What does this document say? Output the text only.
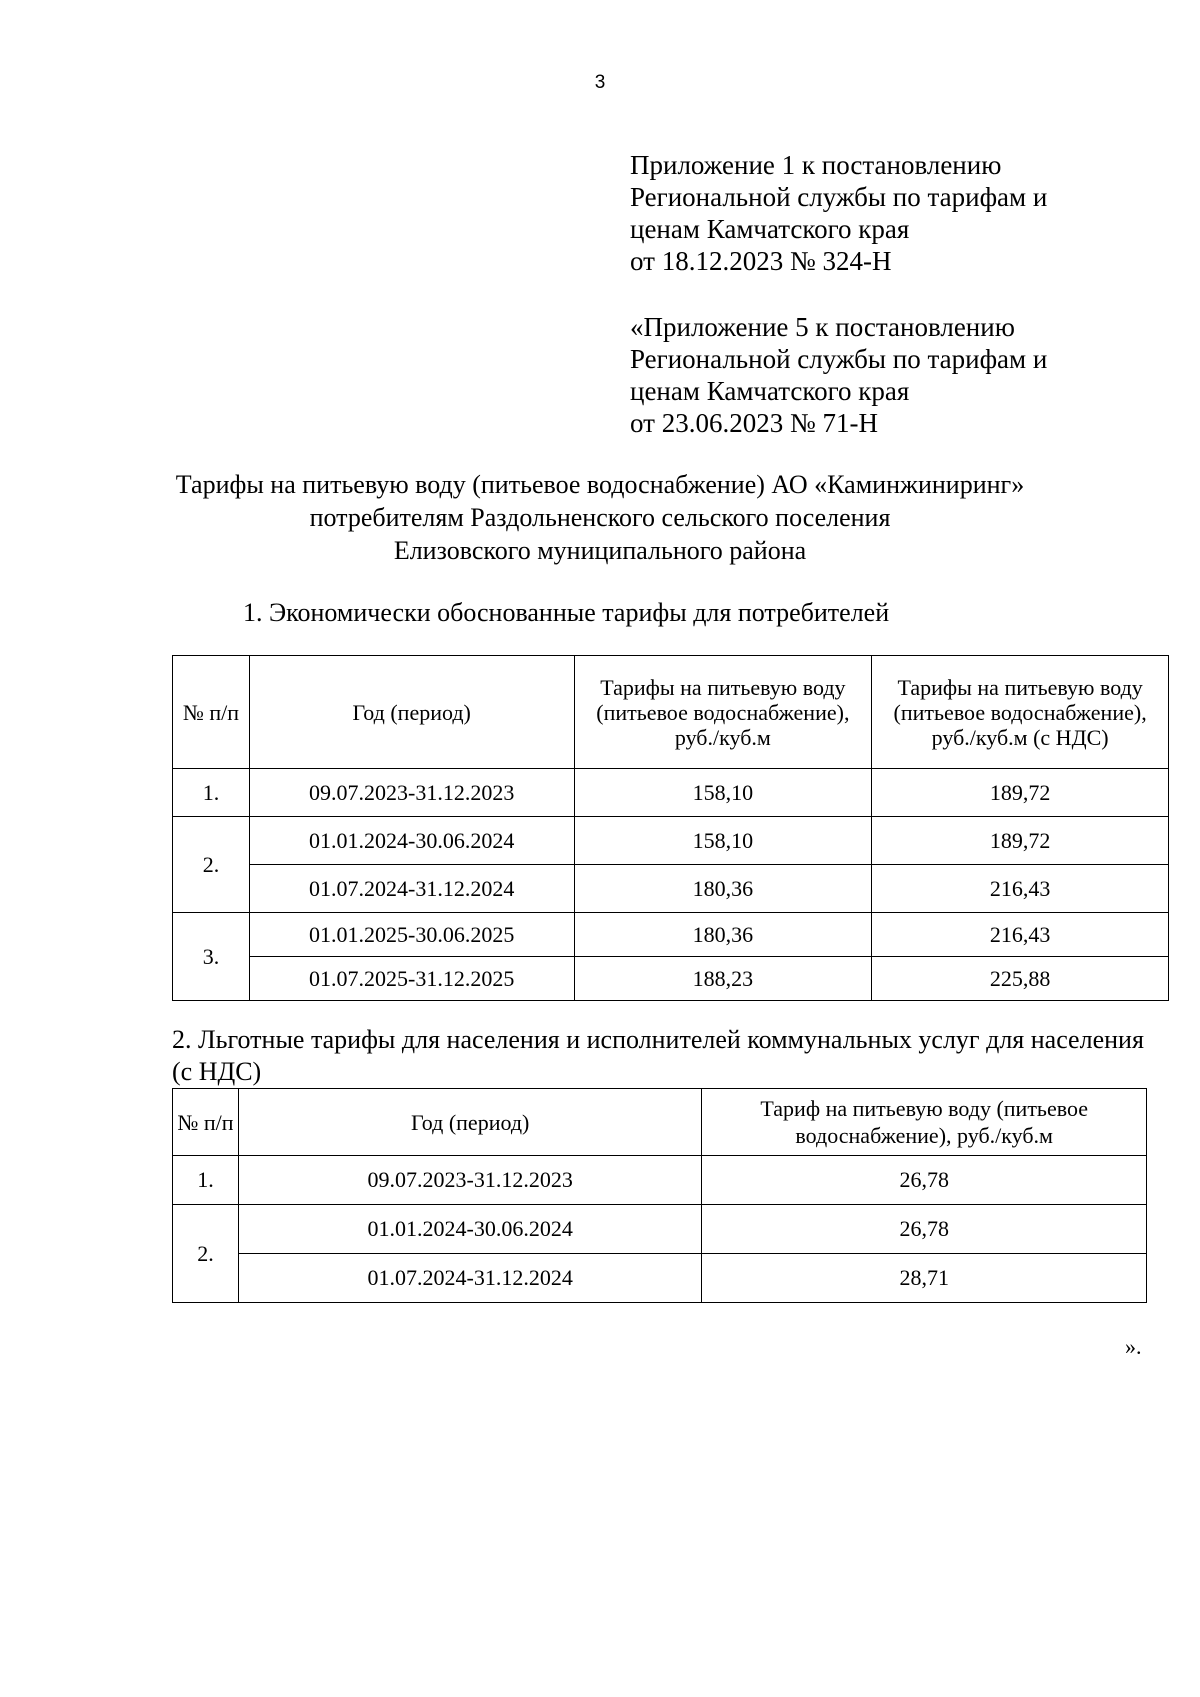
3
Приложение 1 к постановлению
Региональной службы по тарифам и
ценам Камчатского края
от 18.12.2023 № 324-Н
«Приложение 5 к постановлению
Региональной службы по тарифам и
ценам Камчатского края
от 23.06.2023 № 71-Н
Тарифы на питьевую воду (питьевое водоснабжение) АО «Каминжиниринг»
потребителям Раздольненского сельского поселения
Елизовского муниципального района
1. Экономически обоснованные тарифы для потребителей
№ п/п	Год (период)	Тарифы на питьевую воду (питьевое водоснабжение), руб./куб.м	Тарифы на питьевую воду (питьевое водоснабжение), руб./куб.м (с НДС)
1.	09.07.2023-31.12.2023	158,10	189,72
2.	01.01.2024-30.06.2024	158,10	189,72
	01.07.2024-31.12.2024	180,36	216,43
3.	01.01.2025-30.06.2025	180,36	216,43
	01.07.2025-31.12.2025	188,23	225,88
2. Льготные тарифы для населения и исполнителей коммунальных услуг для населения (с НДС)
№ п/п	Год (период)	Тариф на питьевую воду (питьевое водоснабжение), руб./куб.м
1.	09.07.2023-31.12.2023	26,78
2.	01.01.2024-30.06.2024	26,78
	01.07.2024-31.12.2024	28,71
».
